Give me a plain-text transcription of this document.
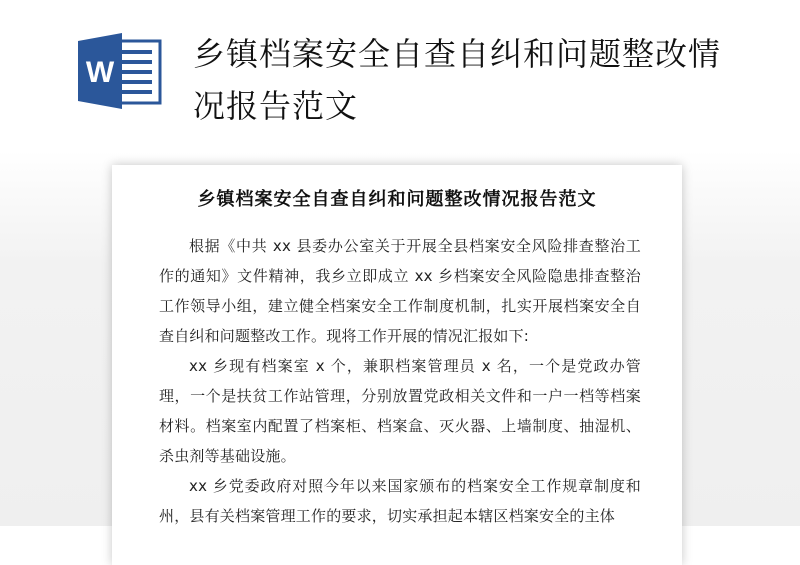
W 乡镇档案安全自查自纠和问题整改情况报告范文
乡镇档案安全自查自纠和问题整改情况报告范文

根据《中共 xx 县委办公室关于开展全县档案安全风险排查整治工作的通知》文件精神，我乡立即成立 xx 乡档案安全风险隐患排查整治工作领导小组，建立健全档案安全工作制度机制，扎实开展档案安全自查自纠和问题整改工作。现将工作开展的情况汇报如下:

xx 乡现有档案室 x 个，兼职档案管理员 x 名，一个是党政办管理，一个是扶贫工作站管理，分别放置党政相关文件和一户一档等档案材料。档案室内配置了档案柜、档案盒、灭火器、上墙制度、抽湿机、杀虫剂等基础设施。

xx 乡党委政府对照今年以来国家颁布的档案安全工作规章制度和州，县有关档案管理工作的要求，切实承担起本辖区档案安全的主体
